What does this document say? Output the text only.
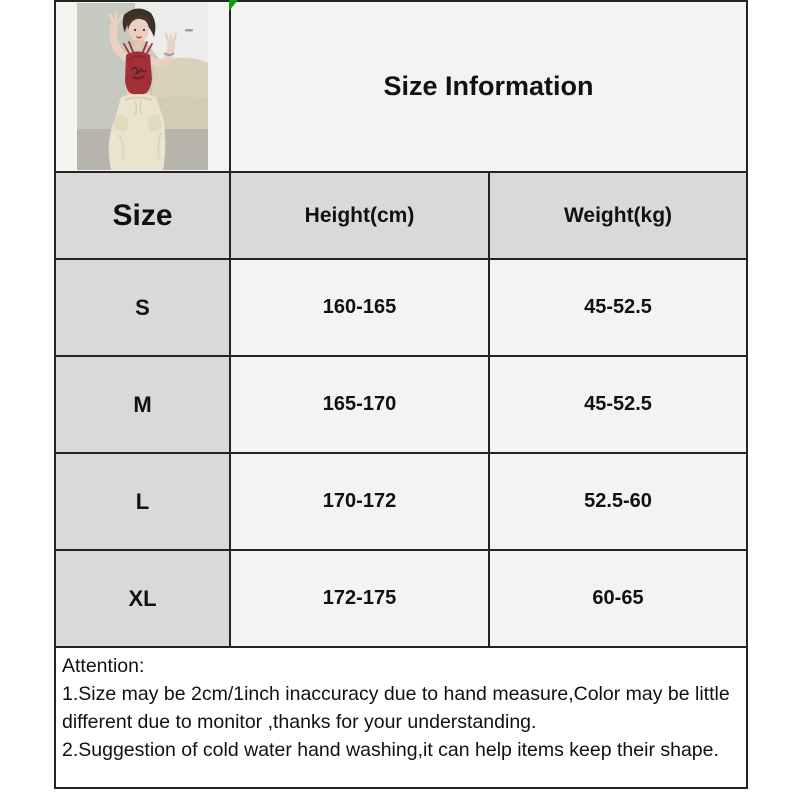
	Size Information	
Size	Height(cm)	Weight(kg)
S	160-165	45-52.5
M	165-170	45-52.5
L	170-172	52.5-60
XL	172-175	60-65

Attention:

1.Size may be 2cm/1inch inaccuracy due to hand measure,Color may be little different due to monitor ,thanks for your understanding.

2.Suggestion of cold water hand washing,it can help items keep their shape.
